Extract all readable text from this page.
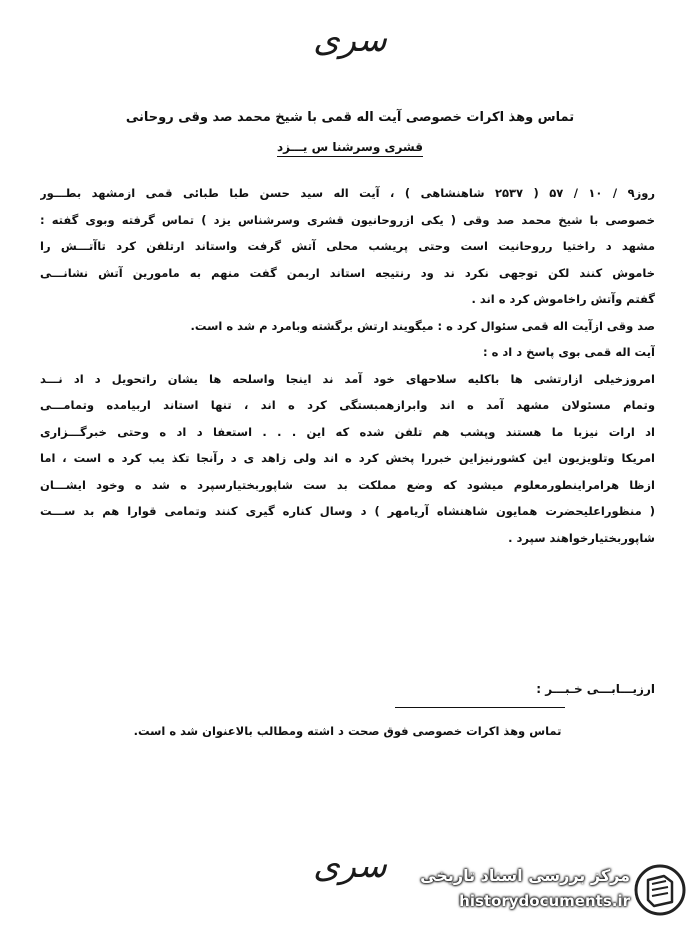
سری
تماس وهذ اکرات خصوصی آیت اله قمی با شیخ محمد صد وقی روحانی
قشری وسرشنا س یـــزد
روز۹ / ۱۰ / ۵۷ ( ۲۵۳۷ شاهنشاهی ) ، آیت اله سید حسن طبا طبائی قمی ازمشهد بطـــور
خصوصی با شیخ محمد صد وقی ( یکی ازروحانیون قشری وسرشناس یزد ) تماس گرفته وبوی گفته :
مشهد د راختیا رروحانیت است وحتی پریشب محلی آتش گرفت واستاند ارتلفن کرد تاآتـــش را
خاموش کنند لکن توجهی نکرد ند ود رنتیجه استاند اربمن گفت منهم به مامورین آتش نشانـــی
گفتم وآتش راخاموش کرد ه اند .
صد وقی ازآیت اله قمی سئوال کرد ه : میگویند ارتش برگشته وبامرد م شد ه است.
آیت اله قمی بوی پاسخ د اد ه :
امروزخیلی ازارتشی ها باکلیه سلاحهای خود آمد ند اینجا واسلحه ها یشان راتحویل د اد نـــد
وتمام مسئولان مشهد آمد ه اند وابرازهمبستگی کرد ه اند ، تنها استاند اربیامده وتمامـــی
اد ارات نیزبا ما هستند وپشب هم تلفن شده که این . . . استعفا د اد ه وحتی خبرگـــزاری
امریکا وتلویزیون این کشورنیزاین خبررا پخش کرد ه اند ولی زاهد ی د رآنجا تکذ یب کرد ه است ، اما
ازظا هرامراینطورمعلوم میشود که وضع مملکت بد ست شاپوربختیارسپرد ه شد ه وخود ایشـــان
( منظوراعلیحضرت همایون شاهنشاه آریامهر ) د وسال کناره گیری کنند وتمامی قوارا هم بد ســـت
شاپوربختیارخواهند سپرد .
ارزیـــابـــی خـبـــر :
تماس وهذ اکرات خصوصی فوق صحت د اشته ومطالب بالاعنوان شد ه است.
سری	مرکز بررسی اسناد تاریخی
historydocuments.ir
